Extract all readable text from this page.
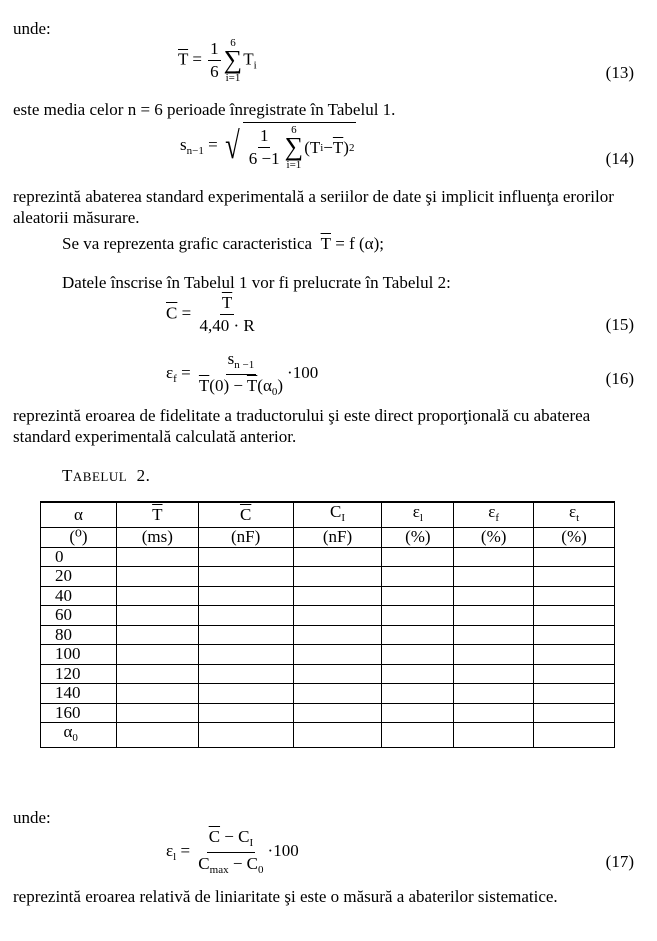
unde:
$\overline{T} = \frac{1}{6} 6$
∑
i=1
$T_i$	(13)
este media celor n = 6 perioade înregistrate în Tabelul 1.
$s_{n-1}$ = √ $\frac{1}{6 -1} 6$
∑
i=1
(T $i - \overline{T}$ ) 2
(14)
reprezintă abaterea standard experimentală a seriilor de date şi implicit influenţa erorilor aleatorii măsurare.
Se va reprezenta grafic caracteristica $\overline{T} = f$ (α);
Datele înscrise în Tabelul 1 vor fi prelucrate în Tabelul 2:
$\overline{C} = \frac{\overline{T}}{4,40 \cdot R}$	(15)
$\varepsilon_f = \frac{s_{n -1}}{\overline{T}(0) - \overline{T}(\alpha_0)} \cdot 100$	(16)
reprezintă eroarea de fidelitate a traductorului şi este direct proporţională cu abaterea standard experimentală calculată anterior.
TABELUL 2.
α	$\overline{T}$	$\overline{C}$	$C_I$	$\varepsilon_l$	$\varepsilon_f$	$\varepsilon_t$
(⁰)	(ms)	(nF)	(nF)	(%)	(%)	(%)
0						
20						
40						
60						
80						
100						
120						
140						
160						
$\alpha_0$						
unde:
$\varepsilon_l = \frac{\overline{C} - C_I}{C_{max} - C_0} \cdot 100$
(17)
reprezintă eroarea relativă de liniaritate şi este o măsură a abaterilor sistematice.
